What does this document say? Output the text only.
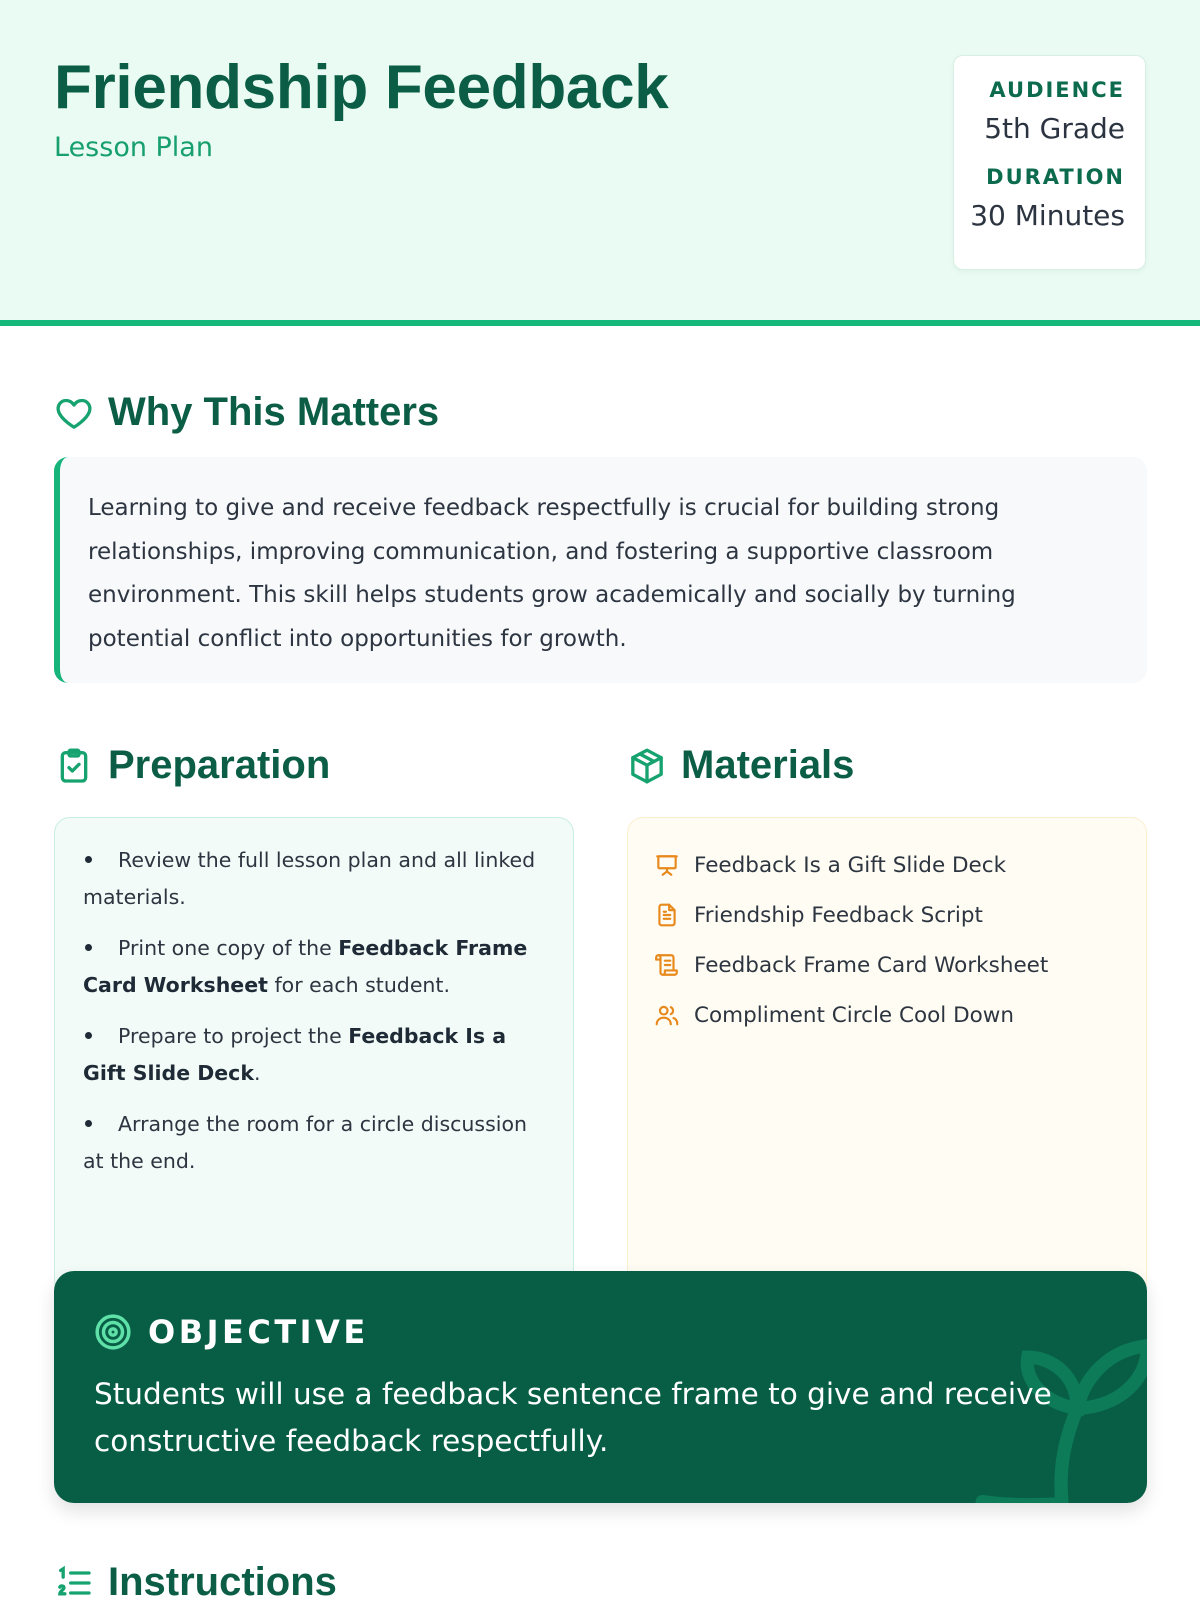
Friendship Feedback
Lesson Plan
AUDIENCE
5th Grade
DURATION
30 Minutes
Why This Matters

Learning to give and receive feedback respectfully is crucial for building strong relationships, improving communication, and fostering a supportive classroom environment. This skill helps students grow academically and socially by turning potential conflict into opportunities for growth.

Preparation
Review the full lesson plan and all linked materials.
Print one copy of the Feedback Frame Card Worksheet for each student.
Prepare to project the Feedback Is a Gift Slide Deck.
Arrange the room for a circle discussion at the end.
Materials
Feedback Is a Gift Slide Deck
Friendship Feedback Script
Feedback Frame Card Worksheet
Compliment Circle Cool Down
OBJECTIVE
Students will use a feedback sentence frame to give and receive constructive feedback respectfully.
Instructions
